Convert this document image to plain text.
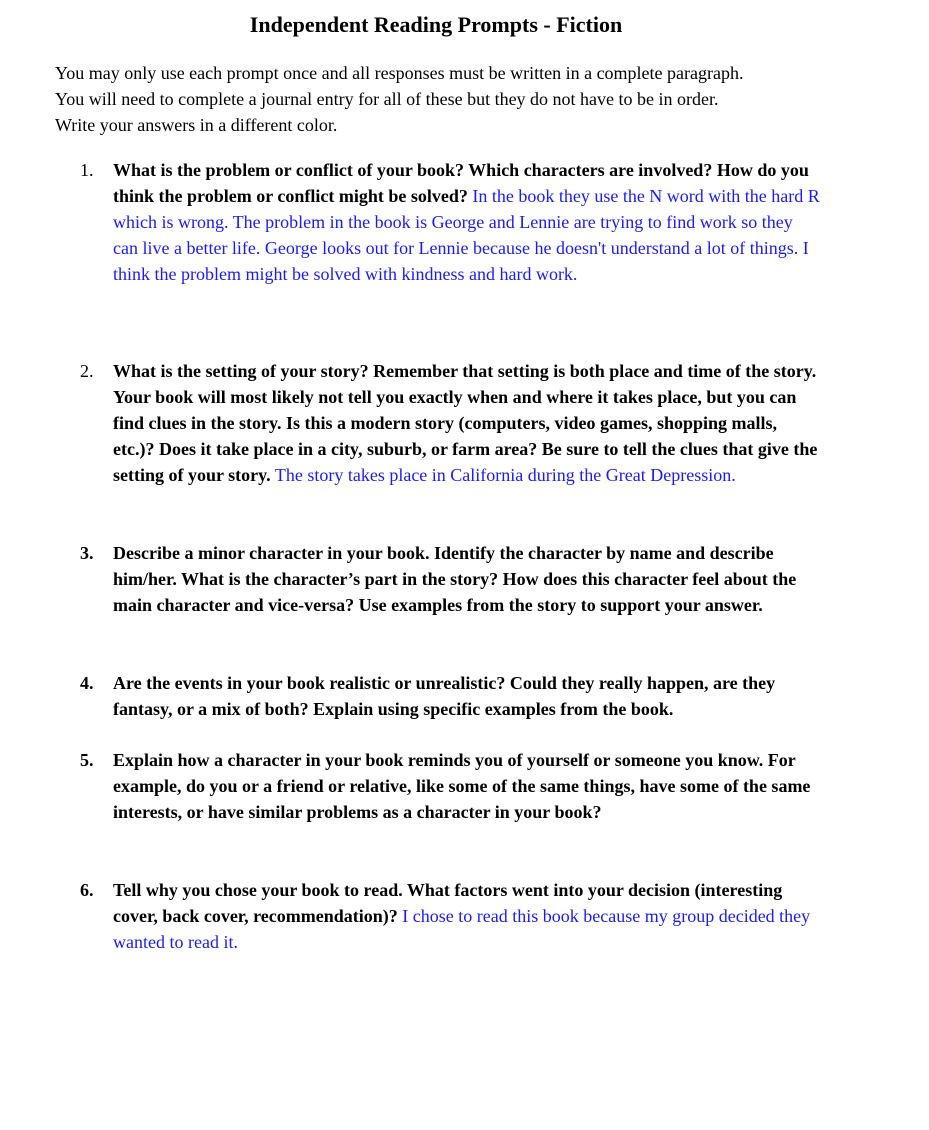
Independent Reading Prompts - Fiction
You may only use each prompt once and all responses must be written in a complete paragraph.
You will need to complete a journal entry for all of these but they do not have to be in order.
Write your answers in a different color.
1.	What is the problem or conflict of your book? Which characters are involved? How do you think the problem or conflict might be solved? In the book they use the N word with the hard R which is wrong. The problem in the book is George and Lennie are trying to find work so they can live a better life. George looks out for Lennie because he doesn't understand a lot of things. I think the problem might be solved with kindness and hard work.
2.	What is the setting of your story? Remember that setting is both place and time of the story. Your book will most likely not tell you exactly when and where it takes place, but you can find clues in the story. Is this a modern story (computers, video games, shopping malls, etc.)? Does it take place in a city, suburb, or farm area? Be sure to tell the clues that give the setting of your story. The story takes place in California during the Great Depression.
3.	Describe a minor character in your book. Identify the character by name and describe him/her. What is the character’s part in the story? How does this character feel about the main character and vice-versa? Use examples from the story to support your answer.
4.	Are the events in your book realistic or unrealistic? Could they really happen, are they fantasy, or a mix of both? Explain using specific examples from the book.
5.	Explain how a character in your book reminds you of yourself or someone you know. For example, do you or a friend or relative, like some of the same things, have some of the same interests, or have similar problems as a character in your book?
6.	Tell why you chose your book to read. What factors went into your decision (interesting cover, back cover, recommendation)? I chose to read this book because my group decided they wanted to read it.
